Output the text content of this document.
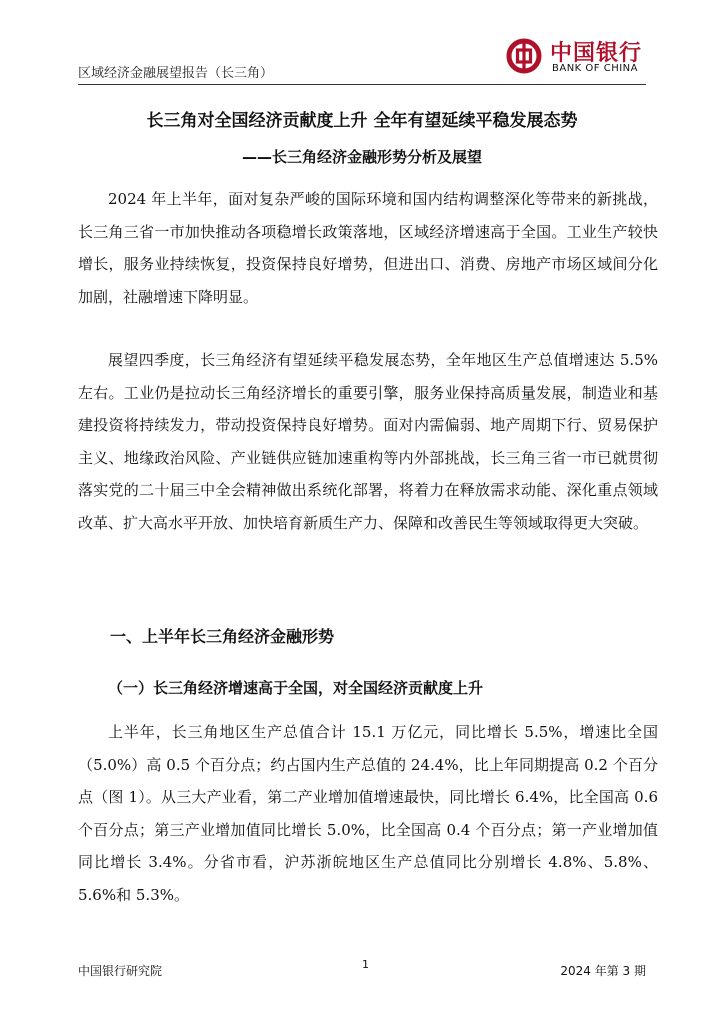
区域经济金融展望报告（长三角）
中国银行
BANK OF CHINA
长三角对全国经济贡献度上升 全年有望延续平稳发展态势
——长三角经济金融形势分析及展望

2024 年上半年，面对复杂严峻的国际环境和国内结构调整深化等带来的新挑战，长三角三省一市加快推动各项稳增长政策落地，区域经济增速高于全国。工业生产较快增长，服务业持续恢复，投资保持良好增势，但进出口、消费、房地产市场区域间分化加剧，社融增速下降明显。

展望四季度，长三角经济有望延续平稳发展态势，全年地区生产总值增速达 5.5%左右。工业仍是拉动长三角经济增长的重要引擎，服务业保持高质量发展，制造业和基建投资将持续发力，带动投资保持良好增势。面对内需偏弱、地产周期下行、贸易保护主义、地缘政治风险、产业链供应链加速重构等内外部挑战，长三角三省一市已就贯彻落实党的二十届三中全会精神做出系统化部署，将着力在释放需求动能、深化重点领域改革、扩大高水平开放、加快培育新质生产力、保障和改善民生等领域取得更大突破。

一、上半年长三角经济金融形势
（一）长三角经济增速高于全国，对全国经济贡献度上升

上半年，长三角地区生产总值合计 15.1 万亿元，同比增长 5.5%，增速比全国（5.0%）高 0.5 个百分点；约占国内生产总值的 24.4%，比上年同期提高 0.2 个百分点（图 1）。从三大产业看，第二产业增加值增速最快，同比增长 6.4%，比全国高 0.6 个百分点；第三产业增加值同比增长 5.0%，比全国高 0.4 个百分点；第一产业增加值同比增长 3.4%。分省市看，沪苏浙皖地区生产总值同比分别增长 4.8%、5.8%、5.6%和 5.3%。

中国银行研究院	1	2024 年第 3 期
